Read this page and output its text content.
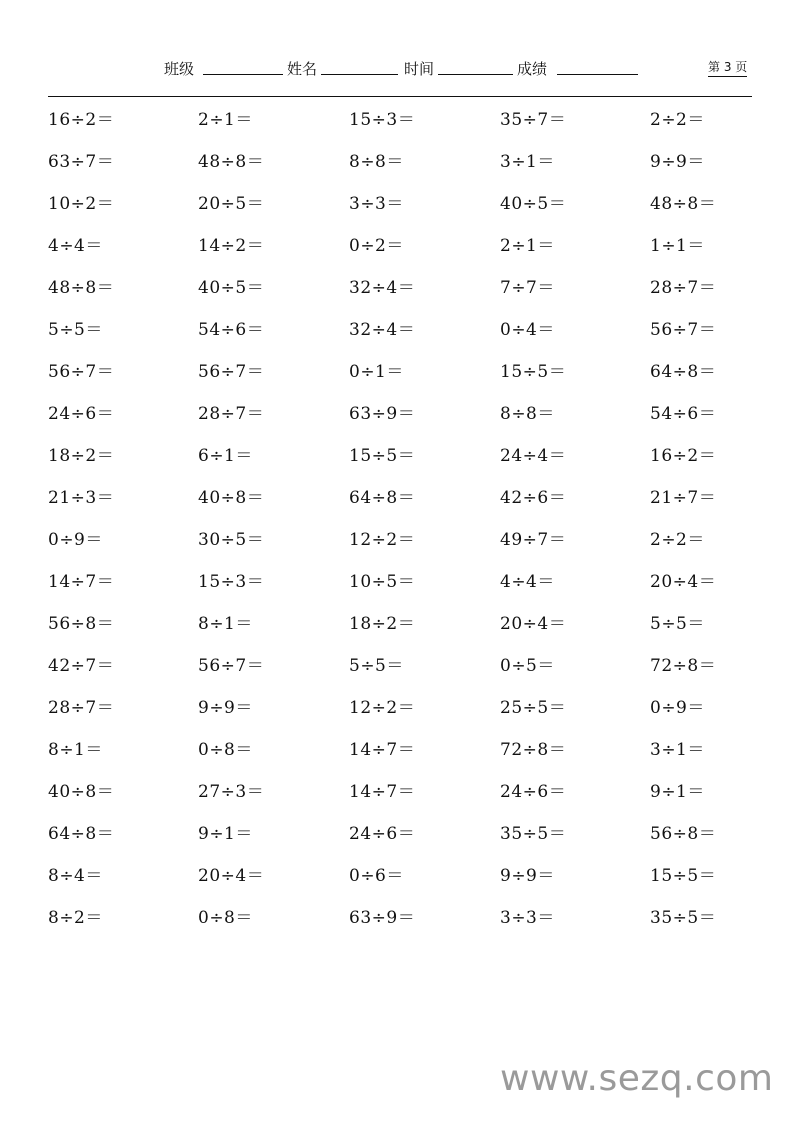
班级	姓名	时间	成绩	第 3 页
16÷2＝	2÷1＝	15÷3＝	35÷7＝	2÷2＝
63÷7＝	48÷8＝	8÷8＝	3÷1＝	9÷9＝
10÷2＝	20÷5＝	3÷3＝	40÷5＝	48÷8＝
4÷4＝	14÷2＝	0÷2＝	2÷1＝	1÷1＝
48÷8＝	40÷5＝	32÷4＝	7÷7＝	28÷7＝
5÷5＝	54÷6＝	32÷4＝	0÷4＝	56÷7＝
56÷7＝	56÷7＝	0÷1＝	15÷5＝	64÷8＝
24÷6＝	28÷7＝	63÷9＝	8÷8＝	54÷6＝
18÷2＝	6÷1＝	15÷5＝	24÷4＝	16÷2＝
21÷3＝	40÷8＝	64÷8＝	42÷6＝	21÷7＝
0÷9＝	30÷5＝	12÷2＝	49÷7＝	2÷2＝
14÷7＝	15÷3＝	10÷5＝	4÷4＝	20÷4＝
56÷8＝	8÷1＝	18÷2＝	20÷4＝	5÷5＝
42÷7＝	56÷7＝	5÷5＝	0÷5＝	72÷8＝
28÷7＝	9÷9＝	12÷2＝	25÷5＝	0÷9＝
8÷1＝	0÷8＝	14÷7＝	72÷8＝	3÷1＝
40÷8＝	27÷3＝	14÷7＝	24÷6＝	9÷1＝
64÷8＝	9÷1＝	24÷6＝	35÷5＝	56÷8＝
8÷4＝	20÷4＝	0÷6＝	9÷9＝	15÷5＝
8÷2＝	0÷8＝	63÷9＝	3÷3＝	35÷5＝
www.sezq.com
